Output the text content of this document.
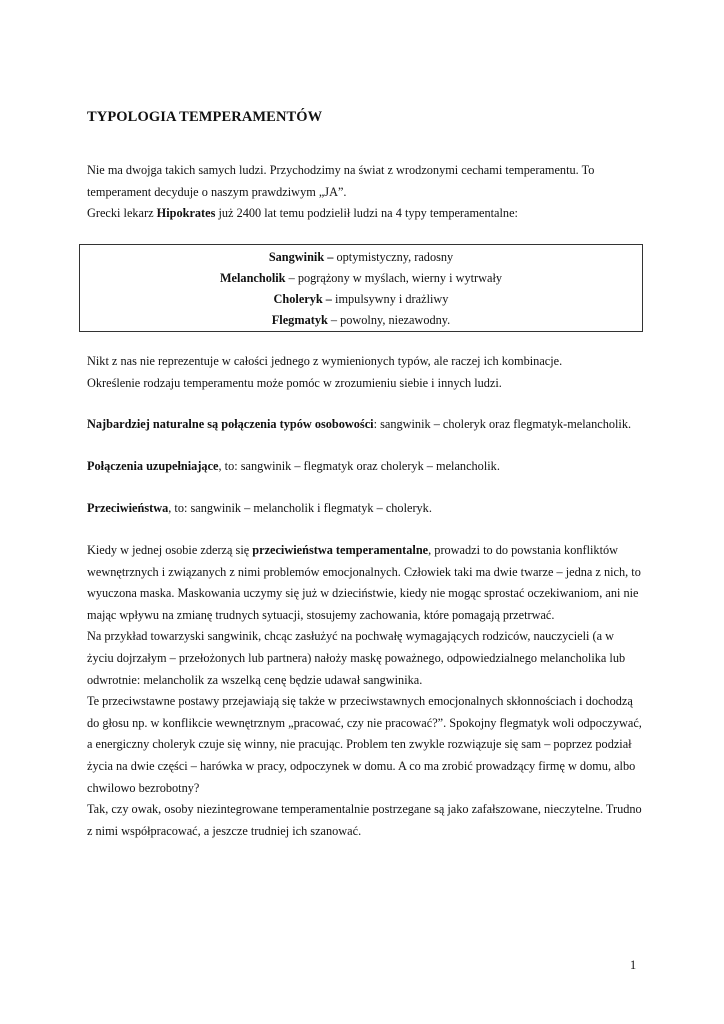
TYPOLOGIA TEMPERAMENTÓW

Nie ma dwojga takich samych ludzi. Przychodzimy na świat z wrodzonymi cechami temperamentu. To
temperament decyduje o naszym prawdziwym „JA”.
Grecki lekarz Hipokrates już 2400 lat temu podzielił ludzi na 4 typy temperamentalne:

Sangwinik – optymistyczny, radosny
Melancholik – pogrążony w myślach, wierny i wytrwały
Choleryk – impulsywny i drażliwy
Flegmatyk – powolny, niezawodny.

Nikt z nas nie reprezentuje w całości jednego z wymienionych typów, ale raczej ich kombinacje.
Określenie rodzaju temperamentu może pomóc w zrozumieniu siebie i innych ludzi.

Najbardziej naturalne są połączenia typów osobowości: sangwinik – choleryk oraz flegmatyk-melancholik.

Połączenia uzupełniające, to: sangwinik – flegmatyk oraz choleryk – melancholik.

Przeciwieństwa, to: sangwinik – melancholik i flegmatyk – choleryk.

Kiedy w jednej osobie zderzą się przeciwieństwa temperamentalne, prowadzi to do powstania konfliktów
wewnętrznych i związanych z nimi problemów emocjonalnych. Człowiek taki ma dwie twarze – jedna z nich, to
wyuczona maska. Maskowania uczymy się już w dzieciństwie, kiedy nie mogąc sprostać oczekiwaniom, ani nie
mając wpływu na zmianę trudnych sytuacji, stosujemy zachowania, które pomagają przetrwać.
Na przykład towarzyski sangwinik, chcąc zasłużyć na pochwałę wymagających rodziców, nauczycieli (a w
życiu dojrzałym – przełożonych lub partnera) nałoży maskę poważnego, odpowiedzialnego melancholika lub
odwrotnie: melancholik za wszelką cenę będzie udawał sangwinika.
Te przeciwstawne postawy przejawiają się także w przeciwstawnych emocjonalnych skłonnościach i dochodzą
do głosu np. w konflikcie wewnętrznym „pracować, czy nie pracować?”. Spokojny flegmatyk woli odpoczywać,
a energiczny choleryk czuje się winny, nie pracując. Problem ten zwykle rozwiązuje się sam – poprzez podział
życia na dwie części – harówka w pracy, odpoczynek w domu. A co ma zrobić prowadzący firmę w domu, albo
chwilowo bezrobotny?
Tak, czy owak, osoby niezintegrowane temperamentalnie postrzegane są jako zafałszowane, nieczytelne. Trudno
z nimi współpracować, a jeszcze trudniej ich szanować.

1
